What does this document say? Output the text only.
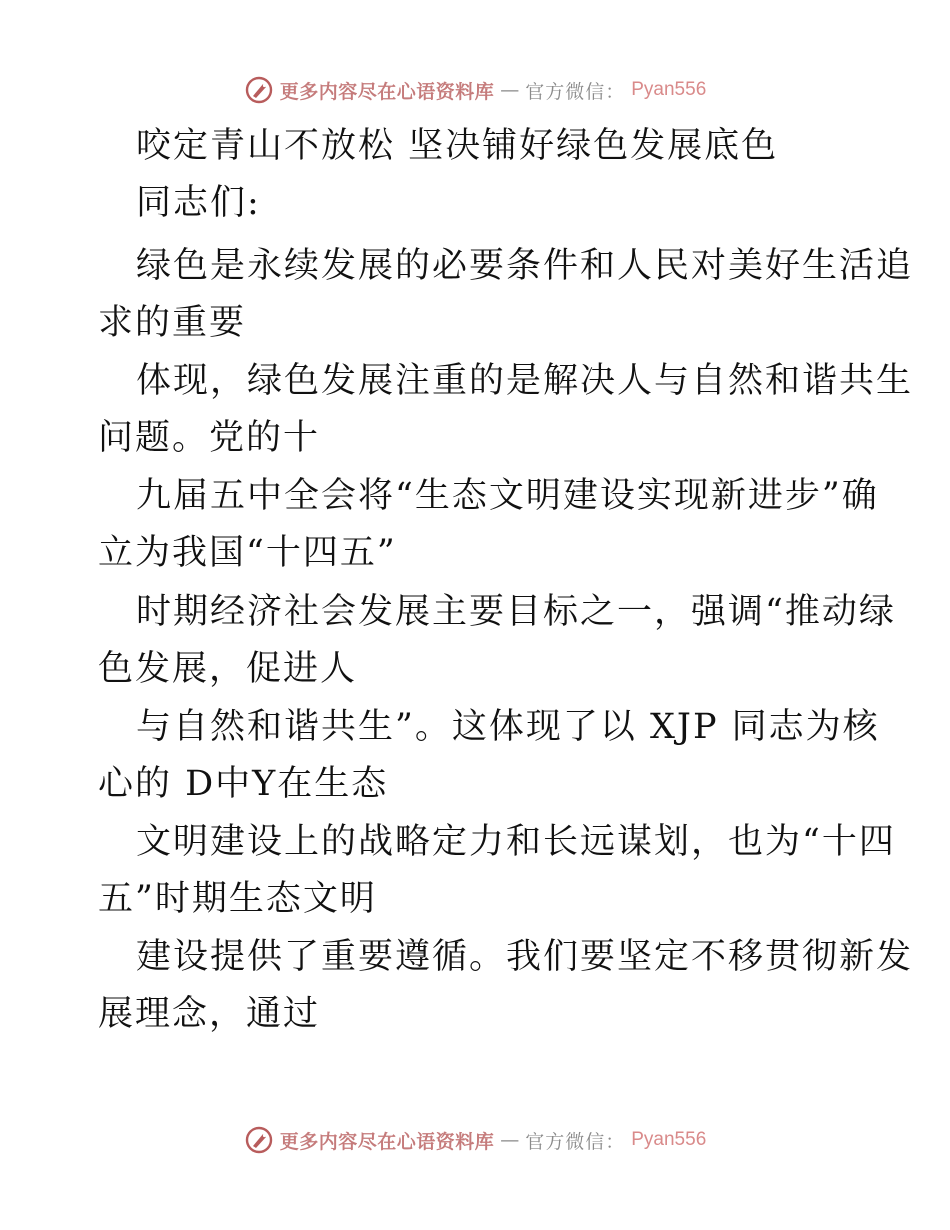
更多内容尽在心语资料库 — 官方微信： Pyan556
咬定青山不放松 坚决铺好绿色发展底色
同志们:
绿色是永续发展的必要条件和人民对美好生活追
求的重要
体现，绿色发展注重的是解决人与自然和谐共生
问题。党的十
九届五中全会将“生态文明建设实现新进步”确
立为我国“十四五”
时期经济社会发展主要目标之一，强调“推动绿
色发展，促进人
与自然和谐共生”。这体现了以 XJP 同志为核
心的 D中Y在生态
文明建设上的战略定力和长远谋划，也为“十四
五”时期生态文明
建设提供了重要遵循。我们要坚定不移贯彻新发
展理念，通过
更多内容尽在心语资料库 — 官方微信： Pyan556
